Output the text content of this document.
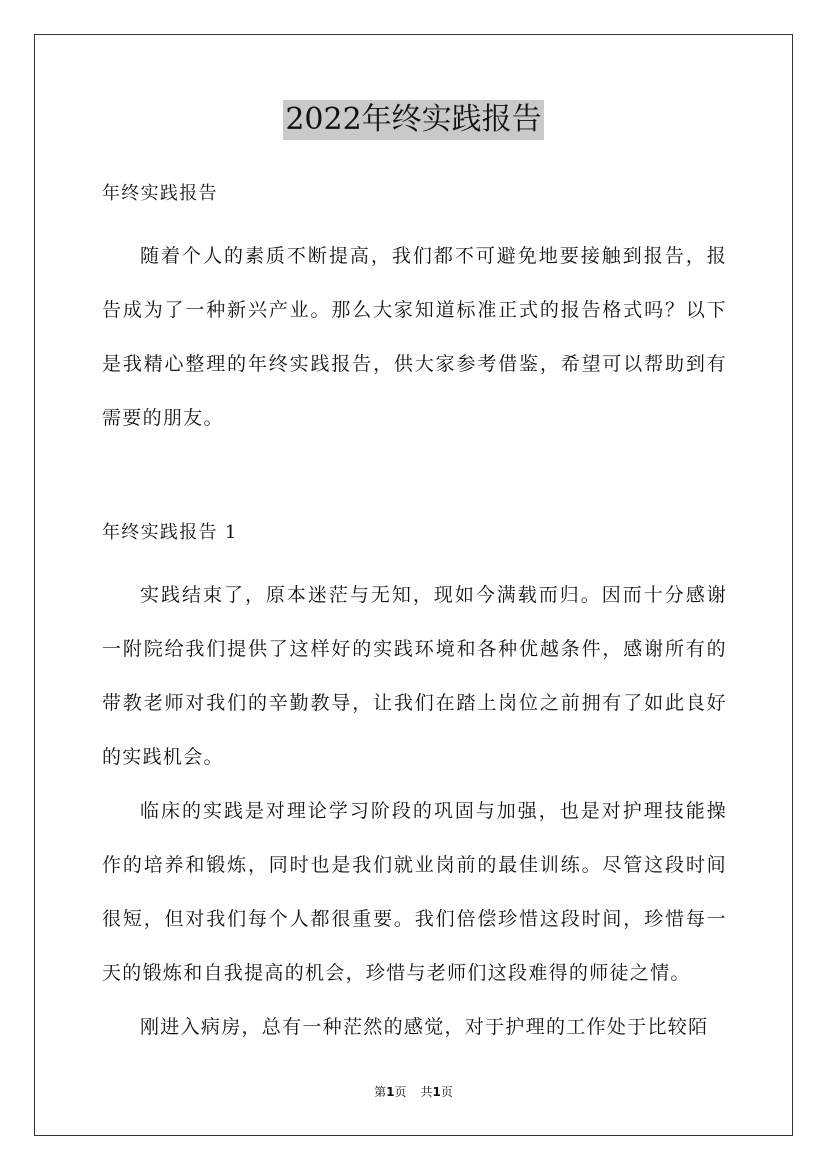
2022年终实践报告

年终实践报告

随着个人的素质不断提高，我们都不可避免地要接触到报告，报告成为了一种新兴产业。那么大家知道标准正式的报告格式吗？以下是我精心整理的年终实践报告，供大家参考借鉴，希望可以帮助到有需要的朋友。

年终实践报告 1

实践结束了，原本迷茫与无知，现如今满载而归。因而十分感谢一附院给我们提供了这样好的实践环境和各种优越条件，感谢所有的带教老师对我们的辛勤教导，让我们在踏上岗位之前拥有了如此良好的实践机会。

临床的实践是对理论学习阶段的巩固与加强，也是对护理技能操作的培养和锻炼，同时也是我们就业岗前的最佳训练。尽管这段时间很短，但对我们每个人都很重要。我们倍偿珍惜这段时间，珍惜每一天的锻炼和自我提高的机会，珍惜与老师们这段难得的师徒之情。

刚进入病房，总有一种茫然的感觉，对于护理的工作处于比较陌

第1页 共1页
